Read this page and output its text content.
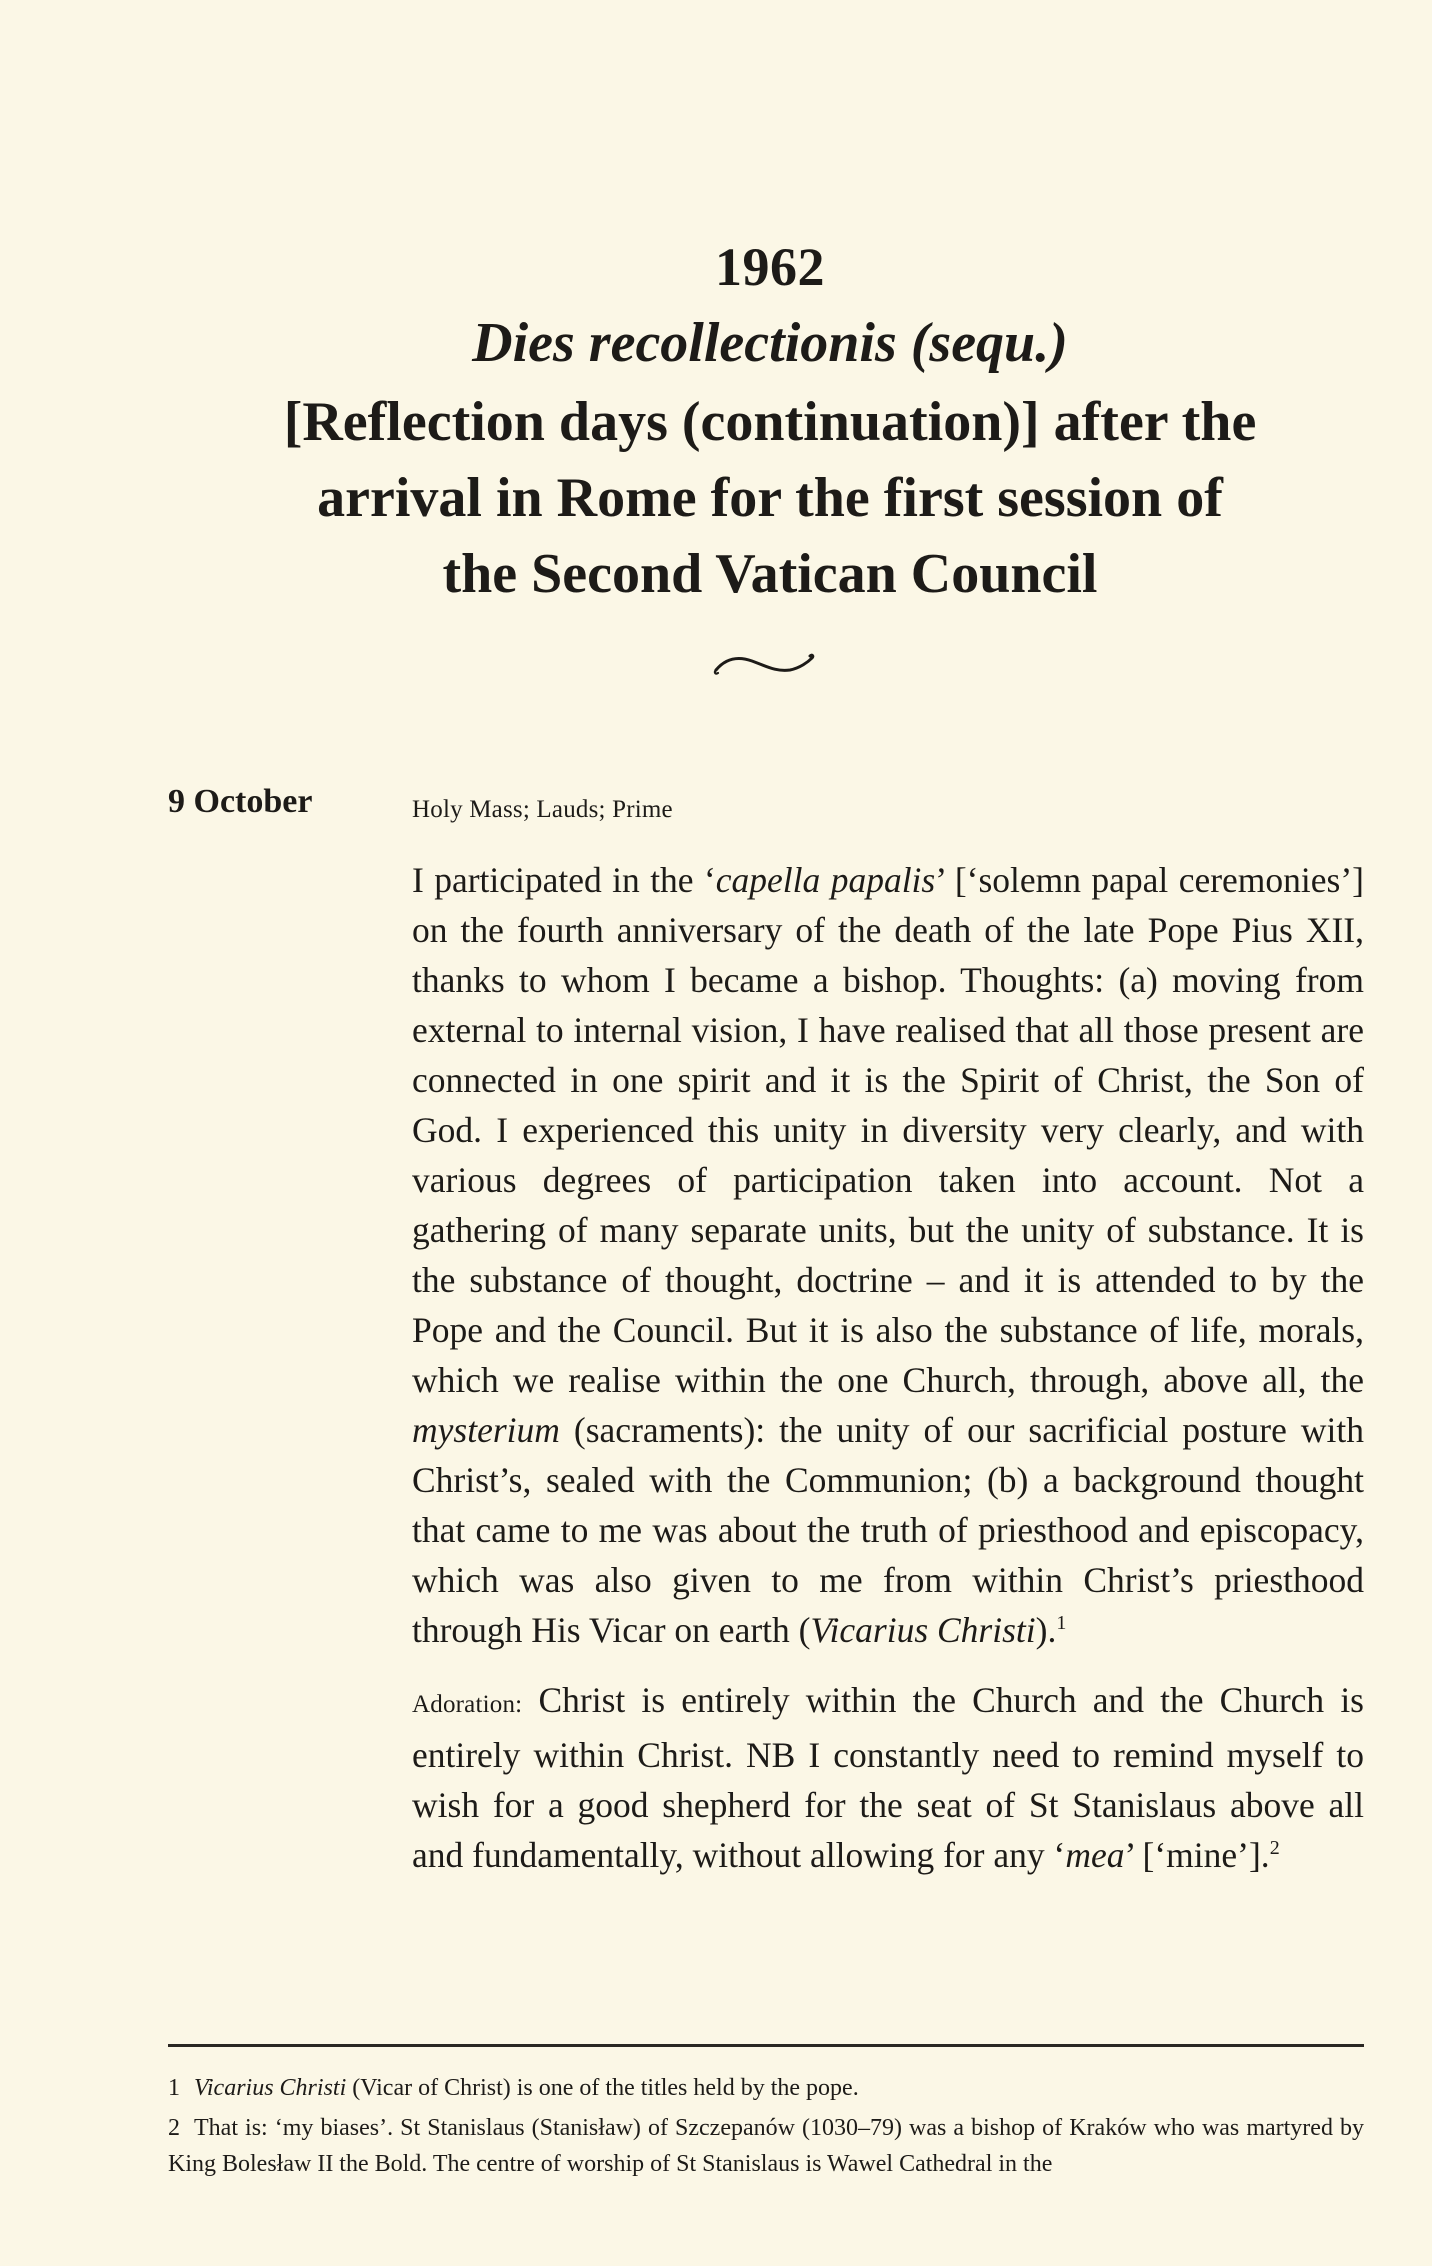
1962
Dies recollectionis (sequ.)
[Reflection days (continuation)] after the
arrival in Rome for the first session of
the Second Vatican Council
9 October	Holy Mass; Lauds; Prime

I participated in the ‘capella papalis’ [‘solemn papal ceremonies’] on the fourth anniversary of the death of the late Pope Pius XII, thanks to whom I became a bishop. Thoughts: (a) moving from external to internal vision, I have realised that all those present are connected in one spirit and it is the Spirit of Christ, the Son of God. I experienced this unity in diversity very clearly, and with various degrees of participation taken into account. Not a gathering of many separate units, but the unity of substance. It is the substance of thought, doctrine – and it is attended to by the Pope and the Council. But it is also the substance of life, morals, which we realise within the one Church, through, above all, the mysterium (sacraments): the unity of our sacrificial posture with Christ’s, sealed with the Communion; (b) a background thought that came to me was about the truth of priesthood and episcopacy, which was also given to me from within Christ’s priesthood through His Vicar on earth (Vicarius Christi).$^1$

Adoration: Christ is entirely within the Church and the Church is entirely within Christ. NB I constantly need to remind myself to wish for a good shepherd for the seat of St Stanislaus above all and fundamentally, without allowing for any ‘mea’ [‘mine’].$^2$

1 Vicarius Christi (Vicar of Christ) is one of the titles held by the pope.

2 That is: ‘my biases’. St Stanislaus (Stanisław) of Szczepanów (1030–79) was a bishop of Kraków who was martyred by King Bolesław II the Bold. The centre of worship of St Stanislaus is Wawel Cathedral in the
